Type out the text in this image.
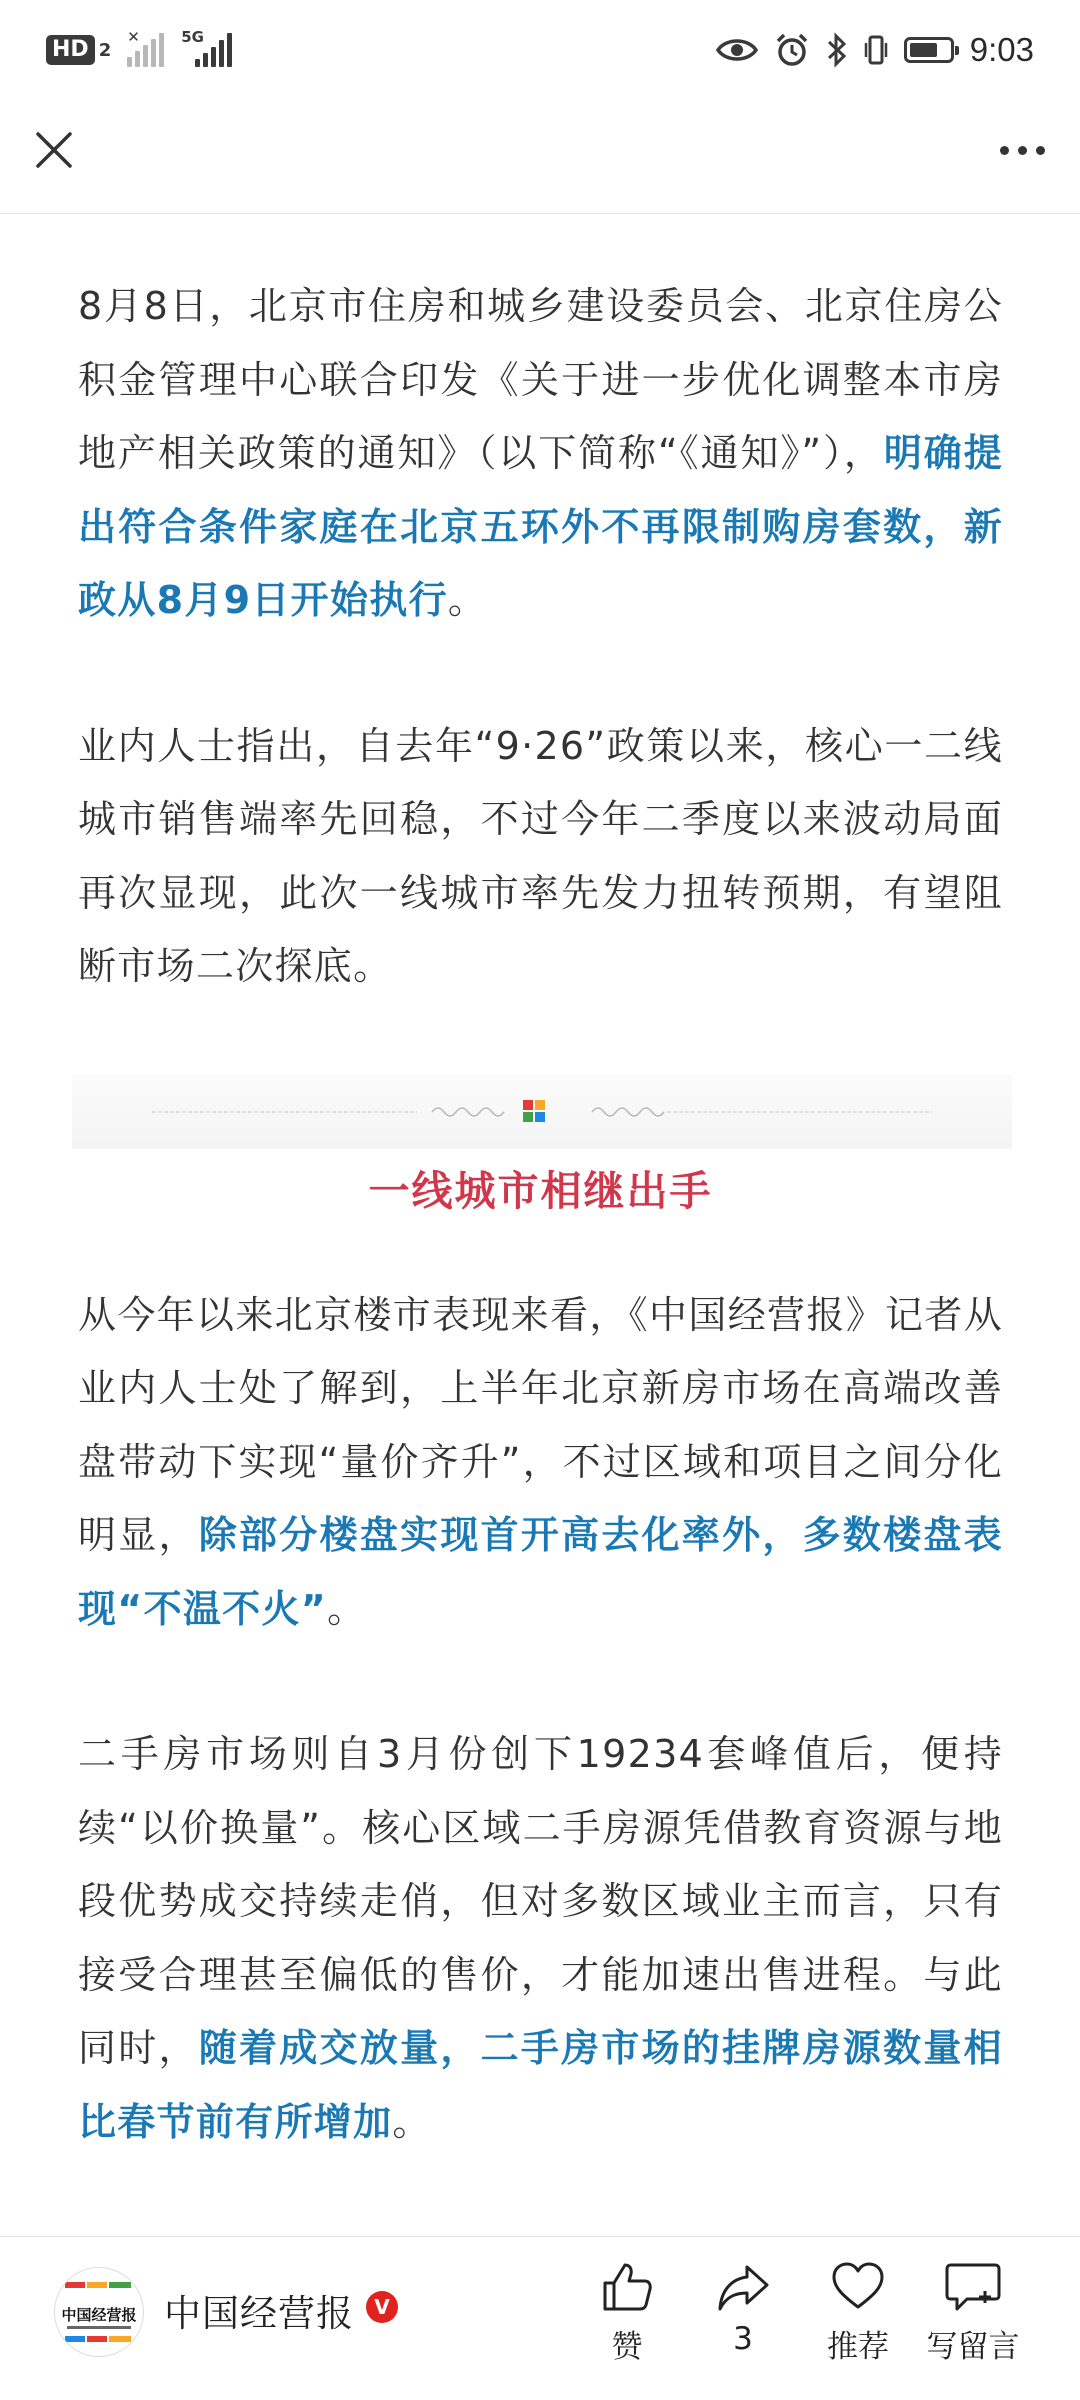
HD 2
✕	5G	9:03

8月8日，北京市住房和城乡建设委员会、北京住房公积金管理中心联合印发《关于进一步优化调整本市房地产相关政策的通知》（以下简称“《通知》”），明确提出符合条件家庭在北京五环外不再限制购房套数，新政从8月9日开始执行。

业内人士指出，自去年“9·26”政策以来，核心一二线城市销售端率先回稳，不过今年二季度以来波动局面再次显现，此次一线城市率先发力扭转预期，有望阻断市场二次探底。

一线城市相继出手

从今年以来北京楼市表现来看，《中国经营报》记者从业内人士处了解到，上半年北京新房市场在高端改善盘带动下实现“量价齐升”，不过区域和项目之间分化明显，除部分楼盘实现首开高去化率外，多数楼盘表现“不温不火”。

二手房市场则自3月份创下19234套峰值后，便持续“以价换量”。核心区域二手房源凭借教育资源与地段优势成交持续走俏，但对多数区域业主而言，只有接受合理甚至偏低的售价，才能加速出售进程。与此同时，随着成交放量，二手房市场的挂牌房源数量相比春节前有所增加。

中国经营报 中国经营报	V
赞	3	推荐	写留言
